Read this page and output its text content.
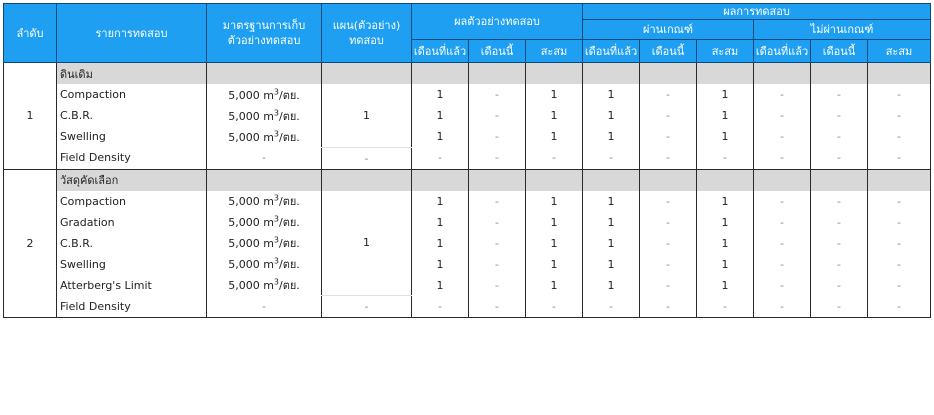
ลำดับ	รายการทดสอบ	มาตรฐานการเก็บตัวอย่างทดสอบ	แผน(ตัวอย่าง) ทดสอบ	ผลตัวอย่างทดสอบ			ผลการทดสอบ					
							ผ่านเกณฑ์			ไม่ผ่านเกณฑ์		
				เดือนที่แล้ว	เดือนนี้	สะสม	เดือนที่แล้ว	เดือนนี้	สะสม	เดือนที่แล้ว	เดือนนี้	สะสม
1	ดินเดิม											
	Compaction	5,000 $m^3/$ตย.	1	1	-	1	1	-	1	-	-	-
	C.B.R.	5,000 $m^3/$ตย.		1	-	1	1	-	1	-	-	-
	Swelling	5,000 $m^3/$ตย.		1	-	1	1	-	1	-	-	-
	Field Density	-	-	-	-	-	-	-	-	-	-	-
2	วัสดุคัดเลือก											
	Compaction	5,000 $m^3/$ตย.	1	1	-	1	1	-	1	-	-	-
	Gradation	5,000 $m^3/$ตย.		1	-	1	1	-	1	-	-	-
	C.B.R.	5,000 $m^3/$ตย.		1	-	1	1	-	1	-	-	-
	Swelling	5,000 $m^3/$ตย.		1	-	1	1	-	1	-	-	-
	Atterberg's Limit	5,000 $m^3/$ตย.		1	-	1	1	-	1	-	-	-
	Field Density	-	-	-	-	-	-	-	-	-	-	-
